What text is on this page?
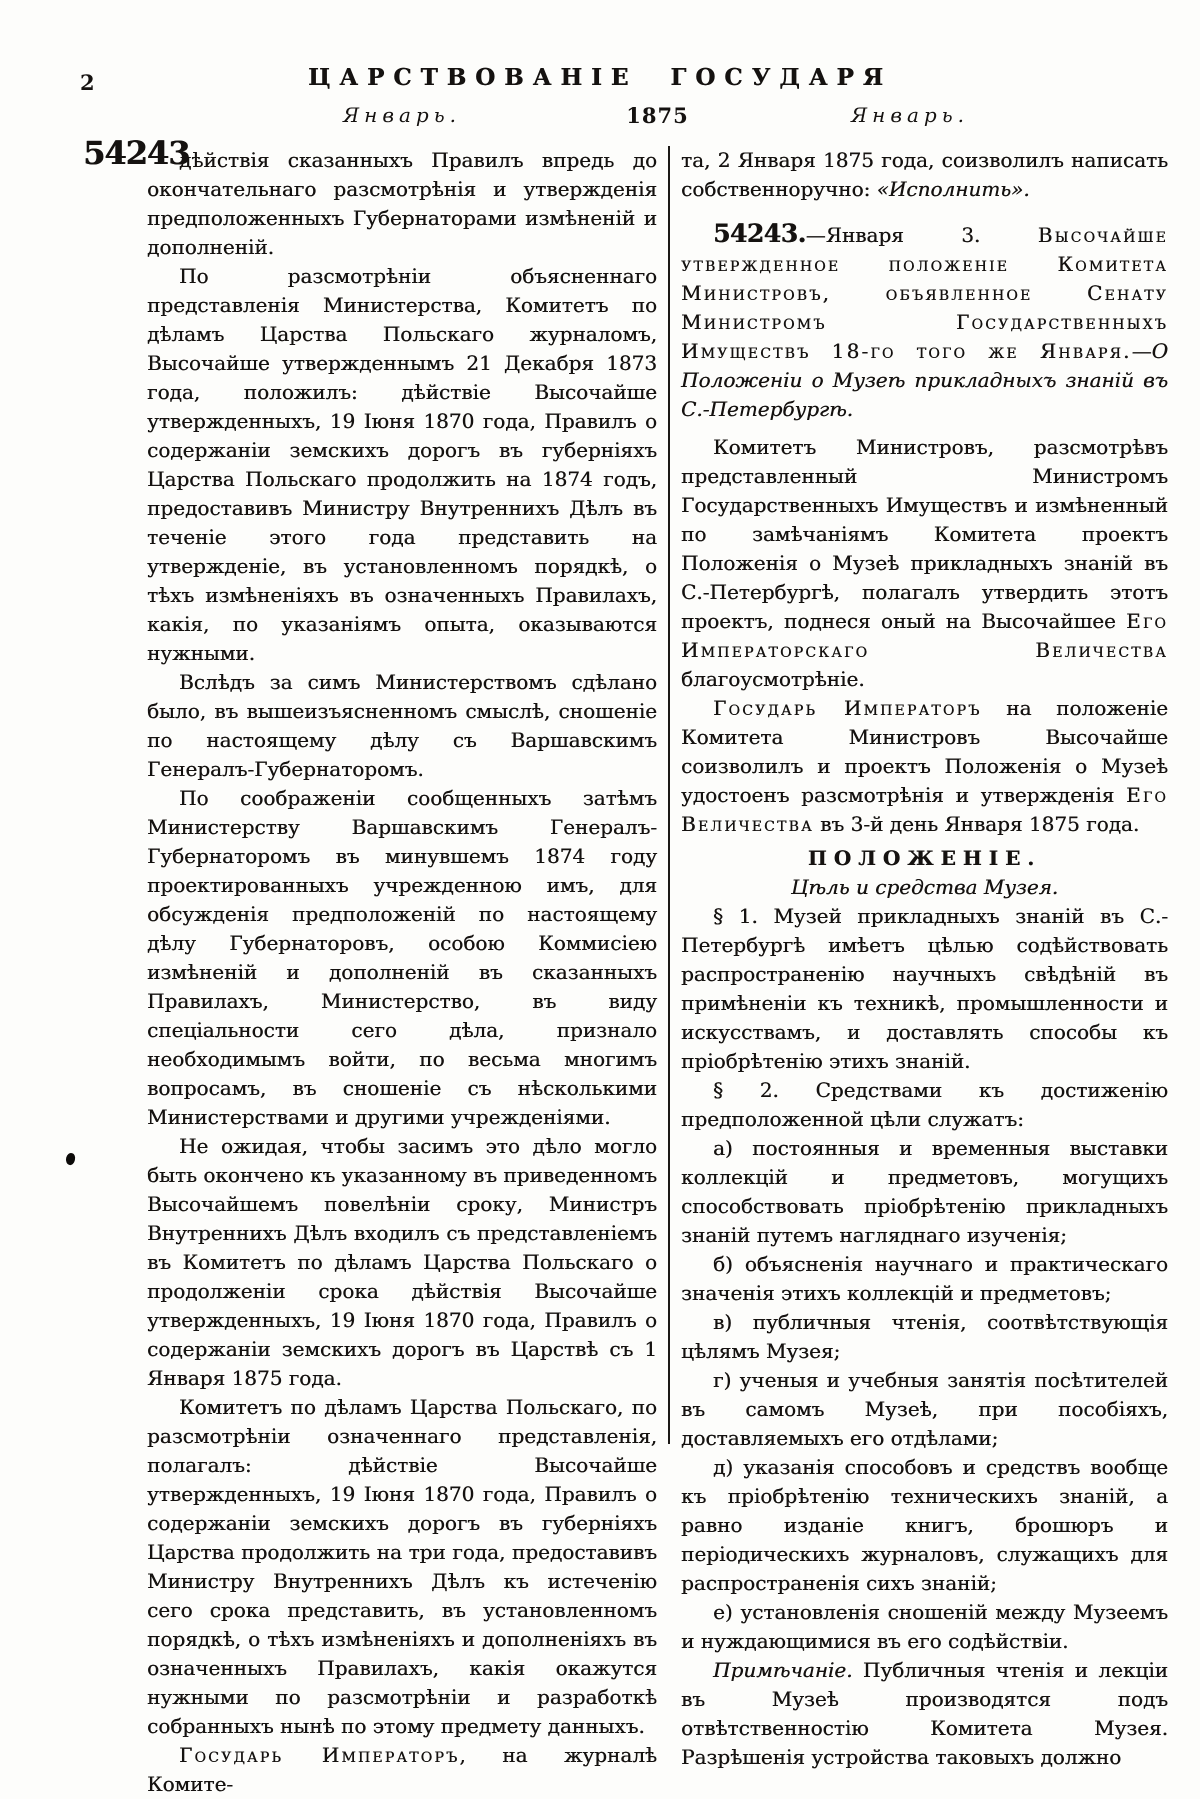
2	ЦАРСТВОВАНІЕ ГОСУДАРЯ
Январь.	1875	Январь.
54243

дѣйствія сказанныхъ Правилъ впредь до окончательнаго разсмотрѣнія и утвержденія предположенныхъ Губернаторами измѣненій и дополненій.

По разсмотрѣніи объясненнаго представленія Министерства, Комитетъ по дѣламъ Царства Польскаго журналомъ, Высочайше утвержденнымъ 21 Декабря 1873 года, положилъ: дѣйствіе Высочайше утвержденныхъ, 19 Іюня 1870 года, Правилъ о содержаніи земскихъ дорогъ въ губерніяхъ Царства Польскаго продолжить на 1874 годъ, предоставивъ Министру Внутреннихъ Дѣлъ въ теченіе этого года представить на утвержденіе, въ установленномъ порядкѣ, о тѣхъ измѣненіяхъ въ означенныхъ Правилахъ, какія, по указаніямъ опыта, оказываются нужными.

Вслѣдъ за симъ Министерствомъ сдѣлано было, въ вышеизъясненномъ смыслѣ, сношеніе по настоящему дѣлу съ Варшавскимъ Генералъ-Губернаторомъ.

По соображеніи сообщенныхъ затѣмъ Министерству Варшавскимъ Генералъ-Губернаторомъ въ минувшемъ 1874 году проектированныхъ учрежденною имъ, для обсужденія предположеній по настоящему дѣлу Губернаторовъ, особою Коммисіею измѣненій и дополненій въ сказанныхъ Правилахъ, Министерство, въ виду спеціальности сего дѣла, признало необходимымъ войти, по весьма многимъ вопросамъ, въ сношеніе съ нѣсколькими Министерствами и другими учрежденіями.

Не ожидая, чтобы засимъ это дѣло могло быть окончено къ указанному въ приведенномъ Высочайшемъ повелѣніи сроку, Министръ Внутреннихъ Дѣлъ входилъ съ представленіемъ въ Комитетъ по дѣламъ Царства Польскаго о продолженіи срока дѣйствія Высочайше утвержденныхъ, 19 Іюня 1870 года, Правилъ о содержаніи земскихъ дорогъ въ Царствѣ съ 1 Января 1875 года.

Комитетъ по дѣламъ Царства Польскаго, по разсмотрѣніи означеннаго представленія, полагалъ: дѣйствіе Высочайше утвержденныхъ, 19 Іюня 1870 года, Правилъ о содержаніи земскихъ дорогъ въ губерніяхъ Царства продолжить на три года, предоставивъ Министру Внутреннихъ Дѣлъ къ истеченію сего срока представить, въ установленномъ порядкѣ, о тѣхъ измѣненіяхъ и дополненіяхъ въ означенныхъ Правилахъ, какія окажутся нужными по разсмотрѣніи и разработкѣ собранныхъ нынѣ по этому предмету данныхъ.

Государь Императоръ, на журналѣ Комите-

та, 2 Января 1875 года, соизволилъ написать собственноручно: «Исполнить».

54243.—Января 3. Высочайше утвержденное положеніе Комитета Министровъ, объявленное Сенату Министромъ Государственныхъ Имуществъ 18-го того же Января.—О Положеніи о Музеѣ прикладныхъ знаній въ С.-Петербургѣ.

Комитетъ Министровъ, разсмотрѣвъ представленный Министромъ Государственныхъ Имуществъ и измѣненный по замѣчаніямъ Комитета проектъ Положенія о Музеѣ прикладныхъ знаній въ С.-Петербургѣ, полагалъ утвердить этотъ проектъ, поднеся оный на Высочайшее Его Императорскаго Величества благоусмотрѣніе.

Государь Императоръ на положеніе Комитета Министровъ Высочайше соизволилъ и проектъ Положенія о Музеѣ удостоенъ разсмотрѣнія и утвержденія Его Величества въ 3-й день Января 1875 года.

ПОЛОЖЕНІЕ.

Цѣль и средства Музея.

§ 1. Музей прикладныхъ знаній въ С.-Петербургѣ имѣетъ цѣлью содѣйствовать распространенію научныхъ свѣдѣній въ примѣненіи къ техникѣ, промышленности и искусствамъ, и доставлять способы къ пріобрѣтенію этихъ знаній.

§ 2. Средствами къ достиженію предположенной цѣли служатъ:

а) постоянныя и временныя выставки коллекцій и предметовъ, могущихъ способствовать пріобрѣтенію прикладныхъ знаній путемъ нагляднаго изученія;

б) объясненія научнаго и практическаго значенія этихъ коллекцій и предметовъ;

в) публичныя чтенія, соотвѣтствующія цѣлямъ Музея;

г) ученыя и учебныя занятія посѣтителей въ самомъ Музеѣ, при пособіяхъ, доставляемыхъ его отдѣлами;

д) указанія способовъ и средствъ вообще къ пріобрѣтенію техническихъ знаній, а равно изданіе книгъ, брошюръ и періодическихъ журналовъ, служащихъ для распространенія сихъ знаній;

е) установленія сношеній между Музеемъ и нуждающимися въ его содѣйствіи.

Примѣчаніе. Публичныя чтенія и лекціи въ Музеѣ производятся подъ отвѣтственностію Комитета Музея. Разрѣшенія устройства таковыхъ должно
